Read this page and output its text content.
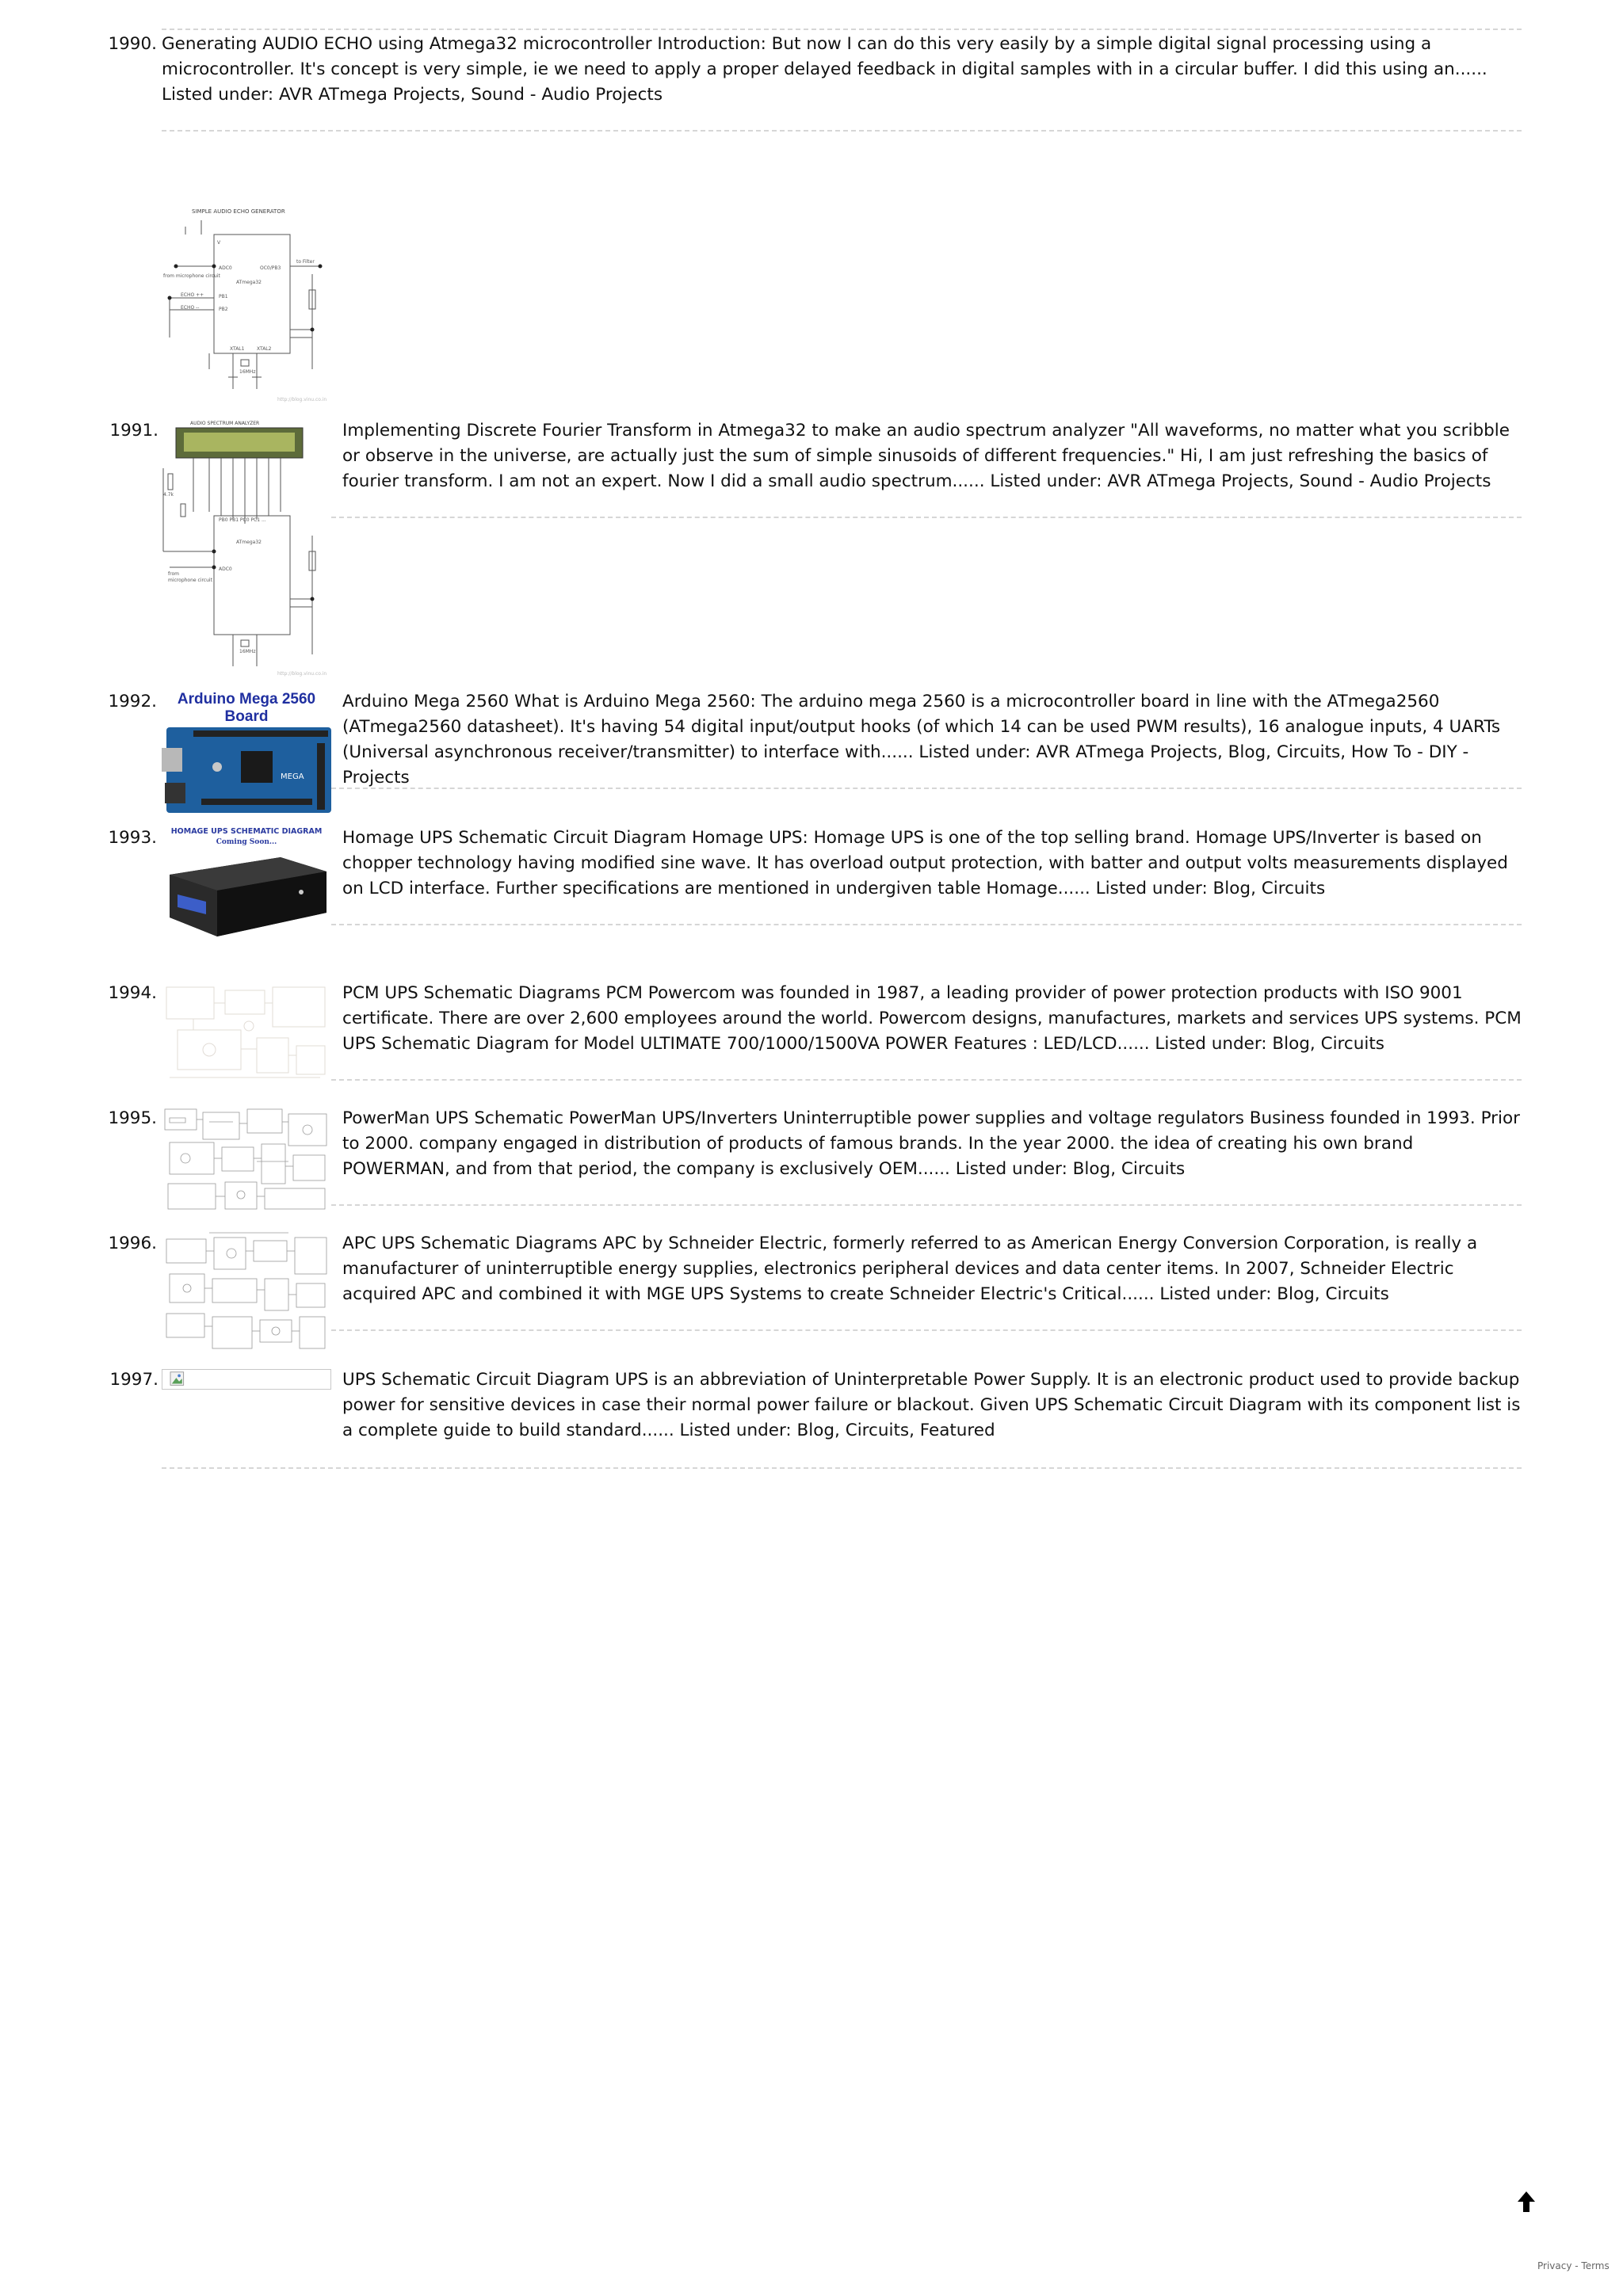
1990. Generating AUDIO ECHO using Atmega32 microcontroller Introduction: But now I can do this very easily by a simple digital signal processing using a microcontroller. It's concept is very simple, ie we need to apply a proper delayed feedback in digital samples with in a circular buffer. I did this using an...... Listed under: AVR ATmega Projects, Sound - Audio Projects
SIMPLE AUDIO ECHO GENERATOR
V
ADC0	OC0/PB3
ATmega32
PB1
PB2
ECHO ++
ECHO --
from microphone circuit
to Filter
XTAL1	XTAL2
16MHz
http://blog.vinu.co.in
1991.	AUDIO SPECTRUM ANALYZER
ATmega32
ADC0
from
microphone circuit
4.7k
PB0 PB1 PC0 PC1 ...
16MHz
http://blog.vinu.co.in
Implementing Discrete Fourier Transform in Atmega32 to make an audio spectrum analyzer "All waveforms, no matter what you scribble or observe in the universe, are actually just the sum of simple sinusoids of different frequencies." Hi, I am just refreshing the basics of fourier transform. I am not an expert. Now I did a small audio spectrum...... Listed under: AVR ATmega Projects, Sound - Audio Projects
1992. Arduino Mega 2560
Board
MEGA
Arduino Mega 2560 What is Arduino Mega 2560: The arduino mega 2560 is a microcontroller board in line with the ATmega2560 (ATmega2560 datasheet). It's having 54 digital input/output hooks (of which 14 can be used PWM results), 16 analogue inputs, 4 UARTs (Universal asynchronous receiver/transmitter) to interface with...... Listed under: AVR ATmega Projects, Blog, Circuits, How To - DIY - Projects
1993. HOMAGE UPS SCHEMATIC DIAGRAM
Coming Soon...	Homage UPS Schematic Circuit Diagram Homage UPS: Homage UPS is one of the top selling brand. Homage UPS/Inverter is based on chopper technology having modified sine wave. It has overload output protection, with batter and output volts measurements displayed on LCD interface. Further specifications are mentioned in undergiven table Homage...... Listed under: Blog, Circuits
1994.	PCM UPS Schematic Diagrams PCM Powercom was founded in 1987, a leading provider of power protection products with ISO 9001 certificate. There are over 2,600 employees around the world. Powercom designs, manufactures, markets and services UPS systems. PCM UPS Schematic Diagram for Model ULTIMATE 700/1000/1500VA POWER Features : LED/LCD...... Listed under: Blog, Circuits
1995.	PowerMan UPS Schematic PowerMan UPS/Inverters Uninterruptible power supplies and voltage regulators Business founded in 1993. Prior to 2000. company engaged in distribution of products of famous brands. In the year 2000. the idea of creating his own brand POWERMAN, and from that period, the company is exclusively OEM...... Listed under: Blog, Circuits
1996.	APC UPS Schematic Diagrams APC by Schneider Electric, formerly referred to as American Energy Conversion Corporation, is really a manufacturer of uninterruptible energy supplies, electronics peripheral devices and data center items. In 2007, Schneider Electric acquired APC and combined it with MGE UPS Systems to create Schneider Electric's Critical...... Listed under: Blog, Circuits
1997.	UPS Schematic Circuit Diagram UPS is an abbreviation of Uninterpretable Power Supply. It is an electronic product used to provide backup power for sensitive devices in case their normal power failure or blackout. Given UPS Schematic Circuit Diagram with its component list is a complete guide to build standard...... Listed under: Blog, Circuits, Featured
Privacy - Terms
